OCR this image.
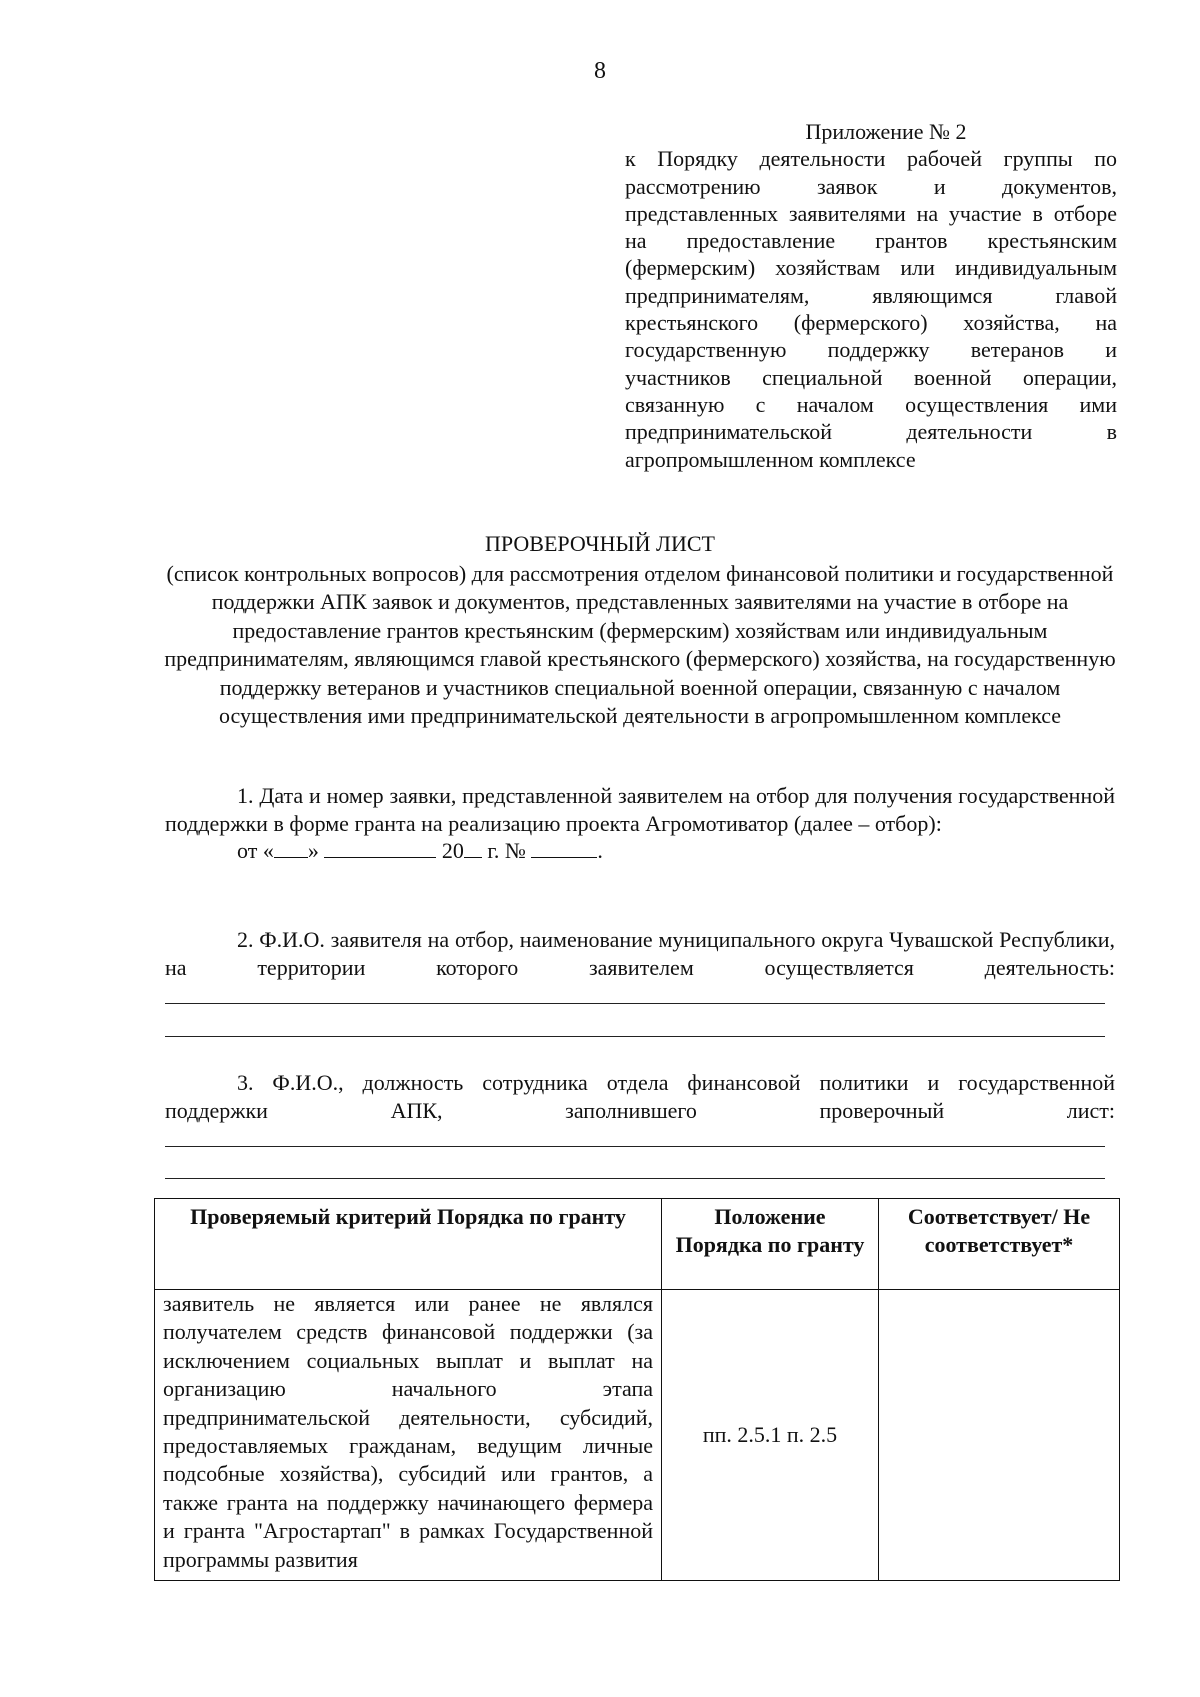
8
Приложение № 2
к Порядку деятельности рабочей группы по рассмотрению заявок и документов, представленных заявителями на участие в отборе на предоставление грантов крестьянским (фермерским) хозяйствам или индивидуальным предпринимателям, являющимся главой крестьянского (фермерского) хозяйства, на государственную поддержку ветеранов и участников специальной военной операции, связанную с началом осуществления ими предпринимательской деятельности в агропромышленном комплексе
ПРОВЕРОЧНЫЙ ЛИСТ
(список контрольных вопросов) для рассмотрения отделом финансовой политики и государственной поддержки АПК заявок и документов, представленных заявителями на участие в отборе на предоставление грантов крестьянским (фермерским) хозяйствам или индивидуальным предпринимателям, являющимся главой крестьянского (фермерского) хозяйства, на государственную поддержку ветеранов и участников специальной военной операции, связанную с началом осуществления ими предпринимательской деятельности в агропромышленном комплексе
1. Дата и номер заявки, представленной заявителем на отбор для получения государственной поддержки в форме гранта на реализацию проекта Агромотиватор (далее – отбор):
от « »	20 г. №	.
2. Ф.И.О. заявителя на отбор, наименование муниципального округа Чувашской Республики, на территории которого заявителем осуществляется деятельность:
3. Ф.И.О., должность сотрудника отдела финансовой политики и государственной поддержки АПК, заполнившего проверочный лист:
Проверяемый критерий Порядка по гранту	Положение Порядка по гранту	Соответствует/ Не соответствует*

заявитель не является или ранее не являлся получателем средств финансовой поддержки (за исключением социальных выплат и выплат на организацию начального этапа предпринимательской деятельности, субсидий, предоставляемых гражданам, ведущим личные подсобные хозяйства), субсидий или грантов, а также гранта на поддержку начинающего фермера и гранта "Агростартап" в рамках Государственной программы развития	пп. 2.5.1 п. 2.5	
